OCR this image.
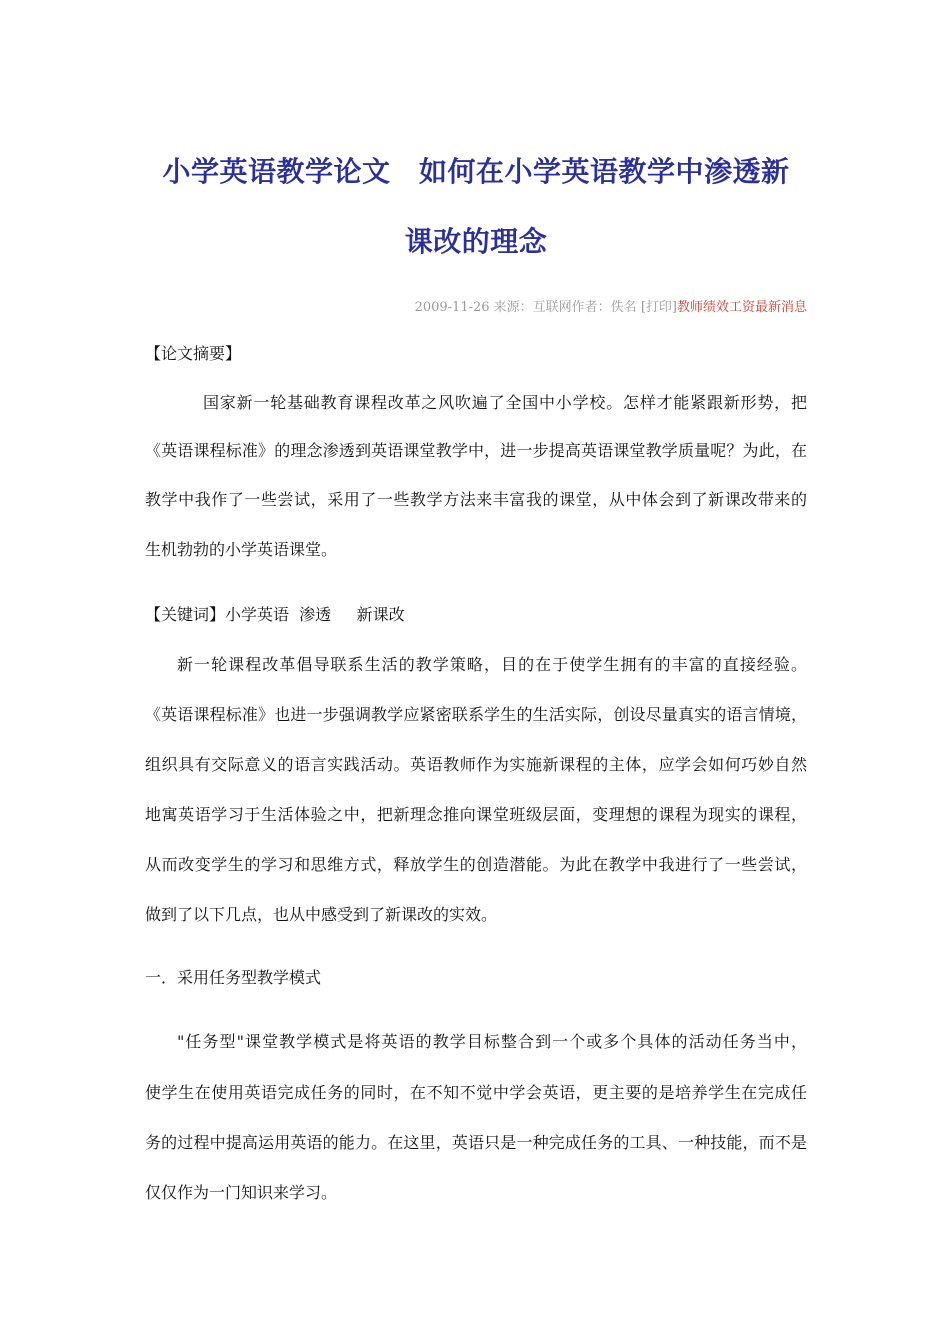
小学英语教学论文　如何在小学英语教学中渗透新
课改的理念
2009-11-26 来源：互联网作者：佚名 [打印]教师绩效工资最新消息
【论文摘要】
国家新一轮基础教育课程改革之风吹遍了全国中小学校。怎样才能紧跟新形势，把
《英语课程标准》的理念渗透到英语课堂教学中，进一步提高英语课堂教学质量呢？为此，在
教学中我作了一些尝试，采用了一些教学方法来丰富我的课堂，从中体会到了新课改带来的
生机勃勃的小学英语课堂。
【关键词】小学英语  渗透     新课改
新一轮课程改革倡导联系生活的教学策略，目的在于使学生拥有的丰富的直接经验。
《英语课程标准》也进一步强调教学应紧密联系学生的生活实际，创设尽量真实的语言情境，
组织具有交际意义的语言实践活动。英语教师作为实施新课程的主体，应学会如何巧妙自然
地寓英语学习于生活体验之中，把新理念推向课堂班级层面，变理想的课程为现实的课程，
从而改变学生的学习和思维方式，释放学生的创造潜能。为此在教学中我进行了一些尝试，
做到了以下几点，也从中感受到了新课改的实效。
一．采用任务型教学模式
"任务型"课堂教学模式是将英语的教学目标整合到一个或多个具体的活动任务当中，
使学生在使用英语完成任务的同时，在不知不觉中学会英语，更主要的是培养学生在完成任
务的过程中提高运用英语的能力。在这里，英语只是一种完成任务的工具、一种技能，而不是
仅仅作为一门知识来学习。
